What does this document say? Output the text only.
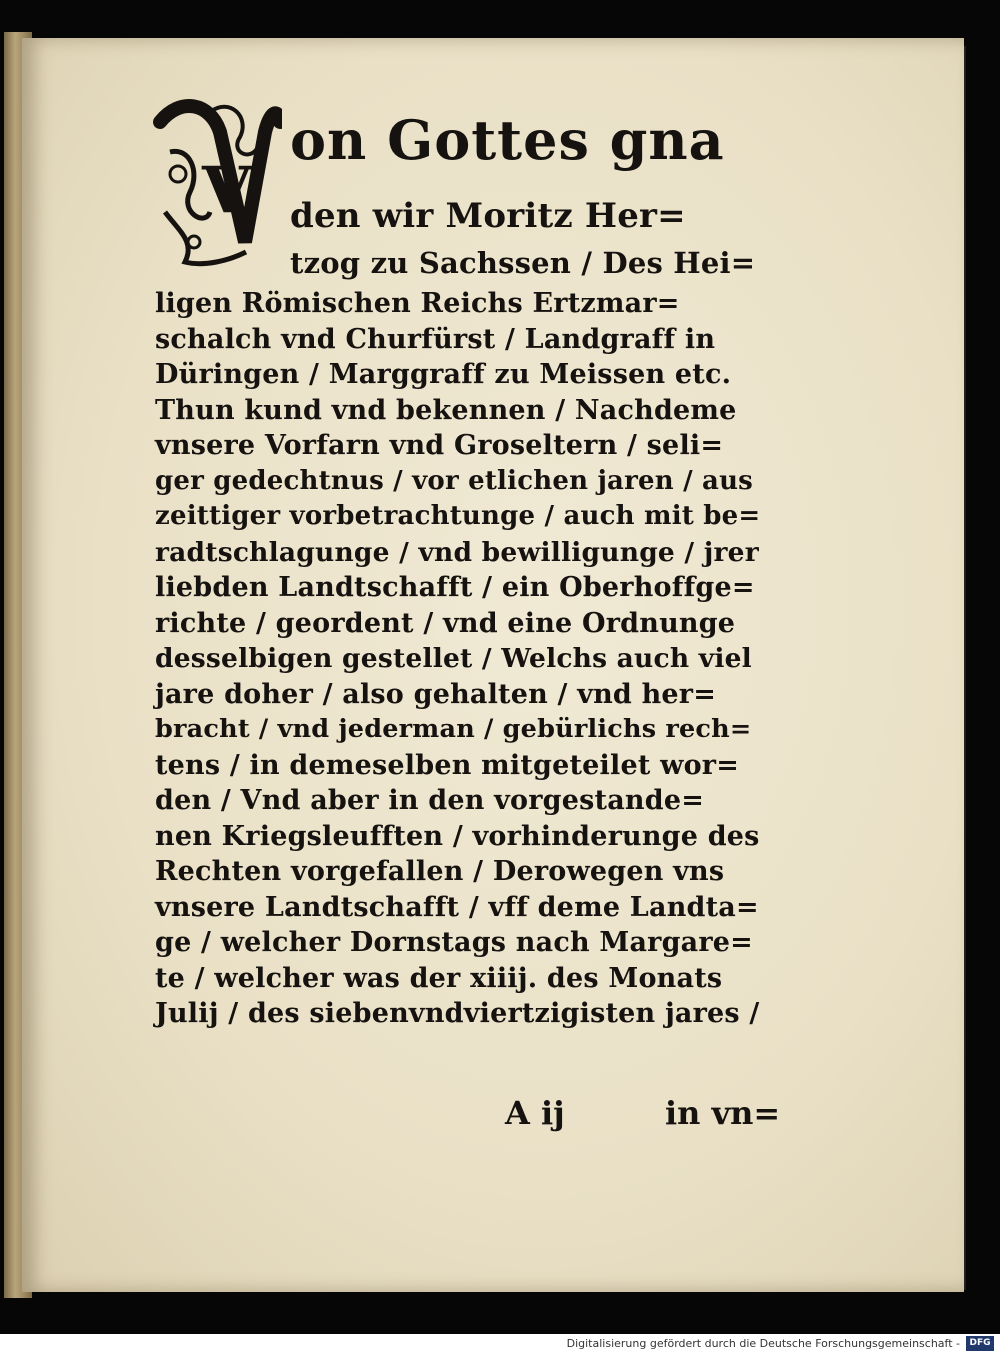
V

on Gottes gna

den wir Moritz Her=

tzog zu Sachssen / Des Hei=

ligen Römischen Reichs Ertzmar=

schalch vnd Churfürst / Landgraff in

Düringen / Marggraff zu Meissen etc.

Thun kund vnd bekennen / Nachdeme

vnsere Vorfarn vnd Groseltern / seli=

ger gedechtnus / vor etlichen jaren / aus

zeittiger vorbetrachtunge / auch mit be=

radtschlagunge / vnd bewilligunge / jrer

liebden Landtschafft / ein Oberhoffge=

richte / geordent / vnd eine Ordnunge

desselbigen gestellet / Welchs auch viel

jare doher / also gehalten / vnd her=

bracht / vnd jederman / gebürlichs rech=

tens / in demeselben mitgeteilet wor=

den / Vnd aber in den vorgestande=

nen Kriegsleufften / vorhinderunge des

Rechten vorgefallen / Derowegen vns

vnsere Landtschafft / vff deme Landta=

ge / welcher Dornstags nach Margare=

te / welcher was der xiiij. des Monats

Julij / des siebenvndviertzigisten jares /

A ij	in vn=

Digitalisierung gefördert durch die Deutsche Forschungsgemeinschaft -	DFG
